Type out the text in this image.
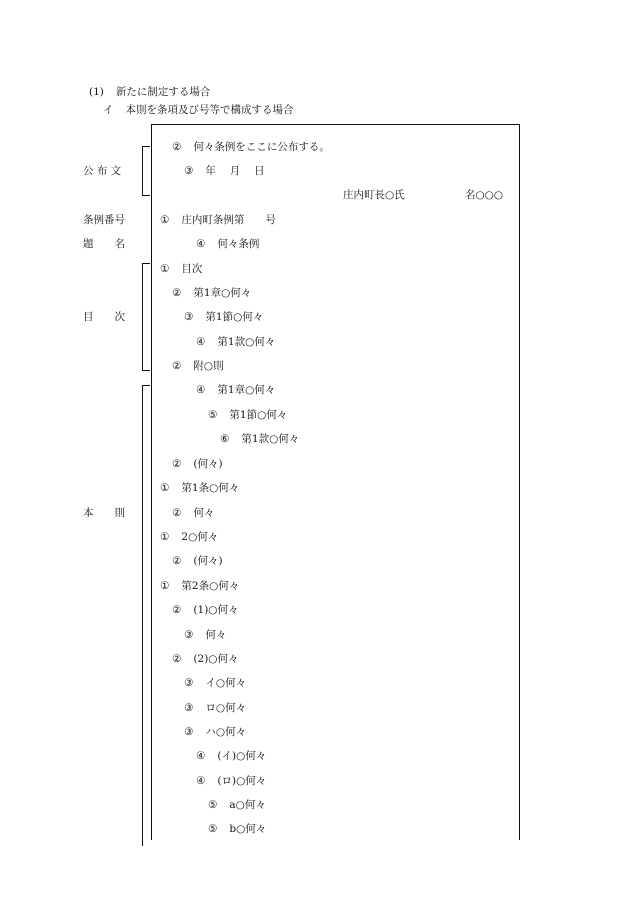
(1) 新たに制定する場合
イ 本則を条項及び号等で構成する場合
公 布 文
条例番号
題　　名
目　　次
本　　則
② 何々条例をここに公布する。
③ 年　 月　 日
庄内町長○氏	名○○○
① 庄内町条例第　　号
④ 何々条例
① 目次
② 第1章○何々
③ 第1節○何々
④ 第1款○何々
② 附○則
④ 第1章○何々
⑤ 第1節○何々
⑥ 第1款○何々
② (何々)
① 第1条○何々
② 何々
① 2○何々
② (何々)
① 第2条○何々
② (1)○何々
③ 何々
② (2)○何々
③ イ○何々
③ ロ○何々
③ ハ○何々
④ (イ)○何々
④ (ロ)○何々
⑤ a○何々
⑤ b○何々
